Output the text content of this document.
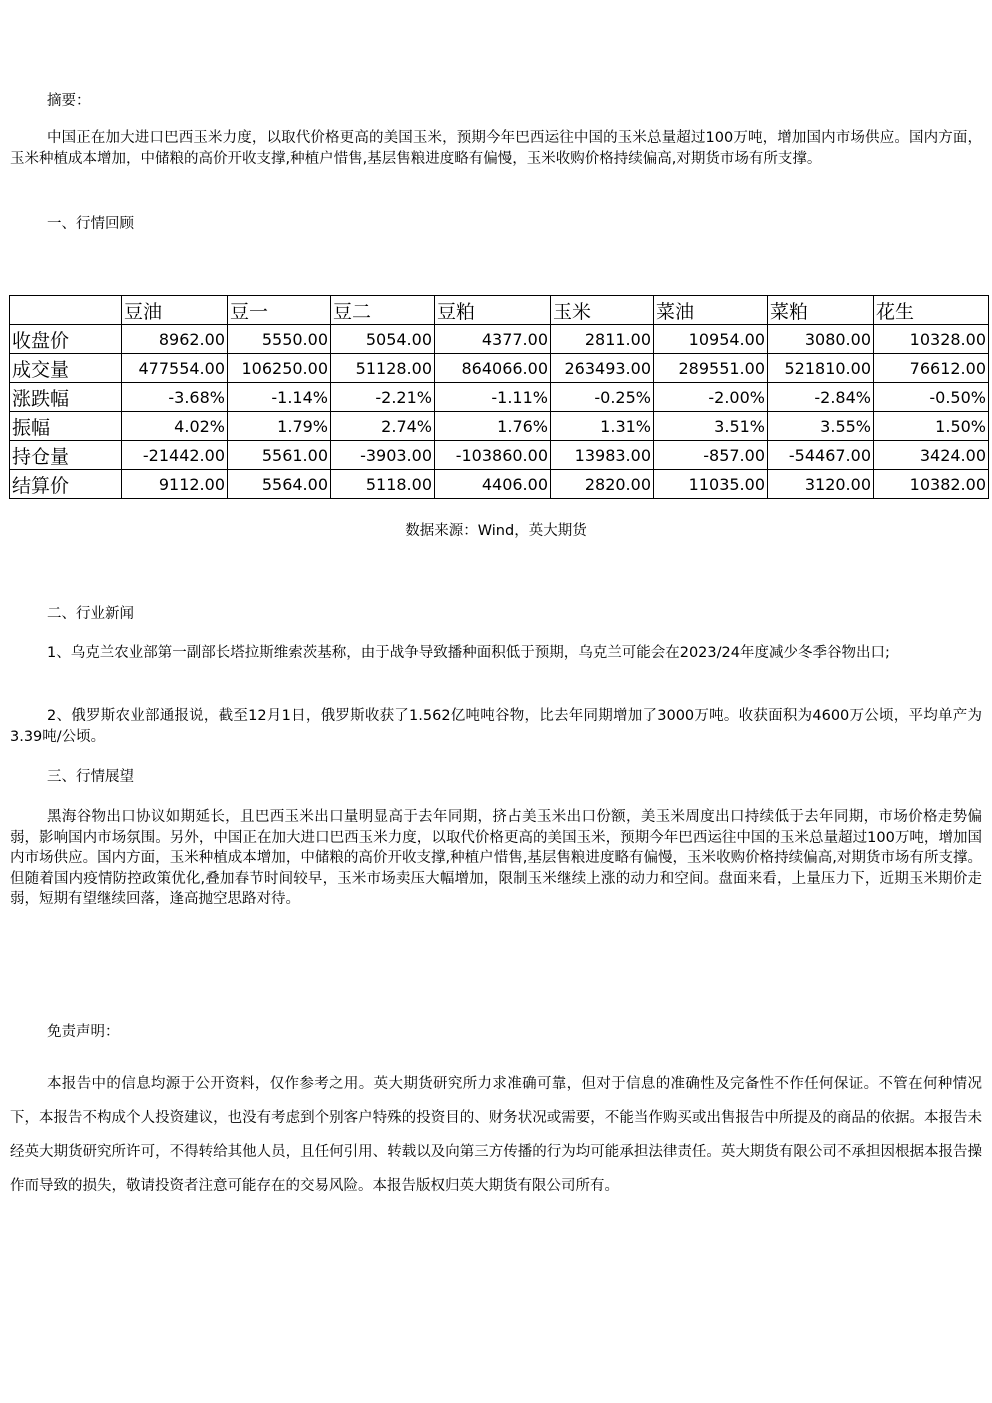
摘要：

中国正在加大进口巴西玉米力度，以取代价格更高的美国玉米，预期今年巴西运往中国的玉米总量超过100万吨，增加国内市场供应。国内方面，玉米种植成本增加，中储粮的高价开收支撑,种植户惜售,基层售粮进度略有偏慢，玉米收购价格持续偏高,对期货市场有所支撑。

一、行情回顾

	豆油	豆一	豆二	豆粕	玉米	菜油	菜粕	花生
收盘价	8962.00	5550.00	5054.00	4377.00	2811.00	10954.00	3080.00	10328.00
成交量	477554.00	106250.00	51128.00	864066.00	263493.00	289551.00	521810.00	76612.00
涨跌幅	-3.68%	-1.14%	-2.21%	-1.11%	-0.25%	-2.00%	-2.84%	-0.50%
振幅	4.02%	1.79%	2.74%	1.76%	1.31%	3.51%	3.55%	1.50%
持仓量	-21442.00	5561.00	-3903.00	-103860.00	13983.00	-857.00	-54467.00	3424.00
结算价	9112.00	5564.00	5118.00	4406.00	2820.00	11035.00	3120.00	10382.00

数据来源：Wind，英大期货

二、行业新闻

1、乌克兰农业部第一副部长塔拉斯维索茨基称，由于战争导致播种面积低于预期，乌克兰可能会在2023/24年度减少冬季谷物出口;

2、俄罗斯农业部通报说，截至12月1日，俄罗斯收获了1.562亿吨吨谷物，比去年同期增加了3000万吨。收获面积为4600万公顷，平均单产为3.39吨/公顷。

三、行情展望

黑海谷物出口协议如期延长，且巴西玉米出口量明显高于去年同期，挤占美玉米出口份额，美玉米周度出口持续低于去年同期，市场价格走势偏弱，影响国内市场氛围。另外，中国正在加大进口巴西玉米力度，以取代价格更高的美国玉米，预期今年巴西运往中国的玉米总量超过100万吨，增加国内市场供应。国内方面，玉米种植成本增加，中储粮的高价开收支撑,种植户惜售,基层售粮进度略有偏慢，玉米收购价格持续偏高,对期货市场有所支撑。但随着国内疫情防控政策优化,叠加春节时间较早，玉米市场卖压大幅增加，限制玉米继续上涨的动力和空间。盘面来看，上量压力下，近期玉米期价走弱，短期有望继续回落，逢高抛空思路对待。

免责声明：

本报告中的信息均源于公开资料，仅作参考之用。英大期货研究所力求准确可靠，但对于信息的准确性及完备性不作任何保证。不管在何种情况下，本报告不构成个人投资建议，也没有考虑到个别客户特殊的投资目的、财务状况或需要，不能当作购买或出售报告中所提及的商品的依据。本报告未经英大期货研究所许可，不得转给其他人员，且任何引用、转载以及向第三方传播的行为均可能承担法律责任。英大期货有限公司不承担因根据本报告操作而导致的损失，敬请投资者注意可能存在的交易风险。本报告版权归英大期货有限公司所有。
